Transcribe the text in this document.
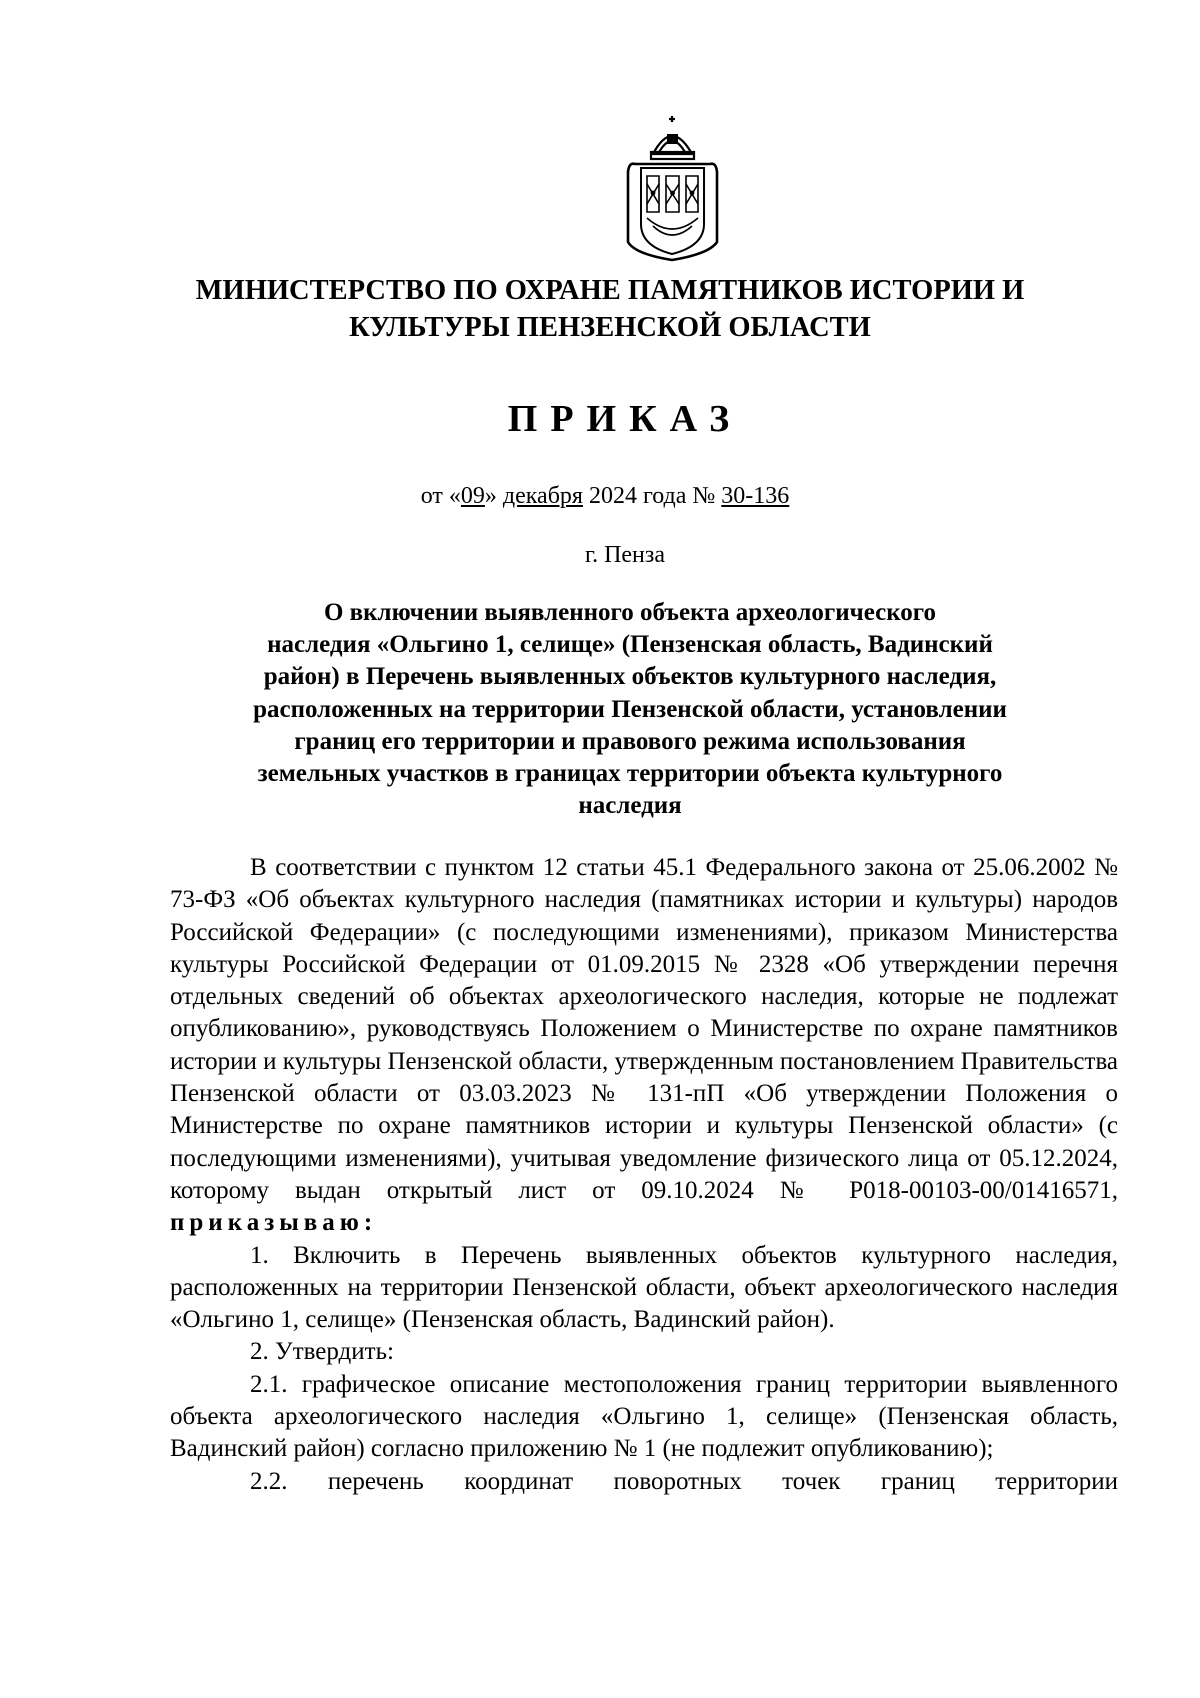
МИНИСТЕРСТВО ПО ОХРАНЕ ПАМЯТНИКОВ ИСТОРИИ И
КУЛЬТУРЫ ПЕНЗЕНСКОЙ ОБЛАСТИ
ПРИКАЗ
от «09» декабря 2024 года № 30-136
г. Пенза
О включении выявленного объекта археологического
наследия «Ольгино 1, селище» (Пензенская область, Вадинский
район) в Перечень выявленных объектов культурного наследия,
расположенных на территории Пензенской области, установлении
границ его территории и правового режима использования
земельных участков в границах территории объекта культурного
наследия

В соответствии с пунктом 12 статьи 45.1 Федерального закона от 25.06.2002 № 73-ФЗ «Об объектах культурного наследия (памятниках истории и культуры) народов Российской Федерации» (с последующими изменениями), приказом Министерства культуры Российской Федерации от 01.09.2015 № 2328 «Об утверждении перечня отдельных сведений об объектах археологического наследия, которые не подлежат опубликованию», руководствуясь Положением о Министерстве по охране памятников истории и культуры Пензенской области, утвержденным постановлением Правительства Пензенской области от 03.03.2023 № 131-пП «Об утверждении Положения о Министерстве по охране памятников истории и культуры Пензенской области» (с последующими изменениями), учитывая уведомление физического лица от 05.12.2024, которому выдан открытый лист от 09.10.2024 № Р018-00103-00/01416571, приказываю:

1. Включить в Перечень выявленных объектов культурного наследия, расположенных на территории Пензенской области, объект археологического наследия «Ольгино 1, селище» (Пензенская область, Вадинский район).

2. Утвердить:

2.1. графическое описание местоположения границ территории выявленного объекта археологического наследия «Ольгино 1, селище» (Пензенская область, Вадинский район) согласно приложению № 1 (не подлежит опубликованию);

2.2. перечень координат поворотных точек границ территории
